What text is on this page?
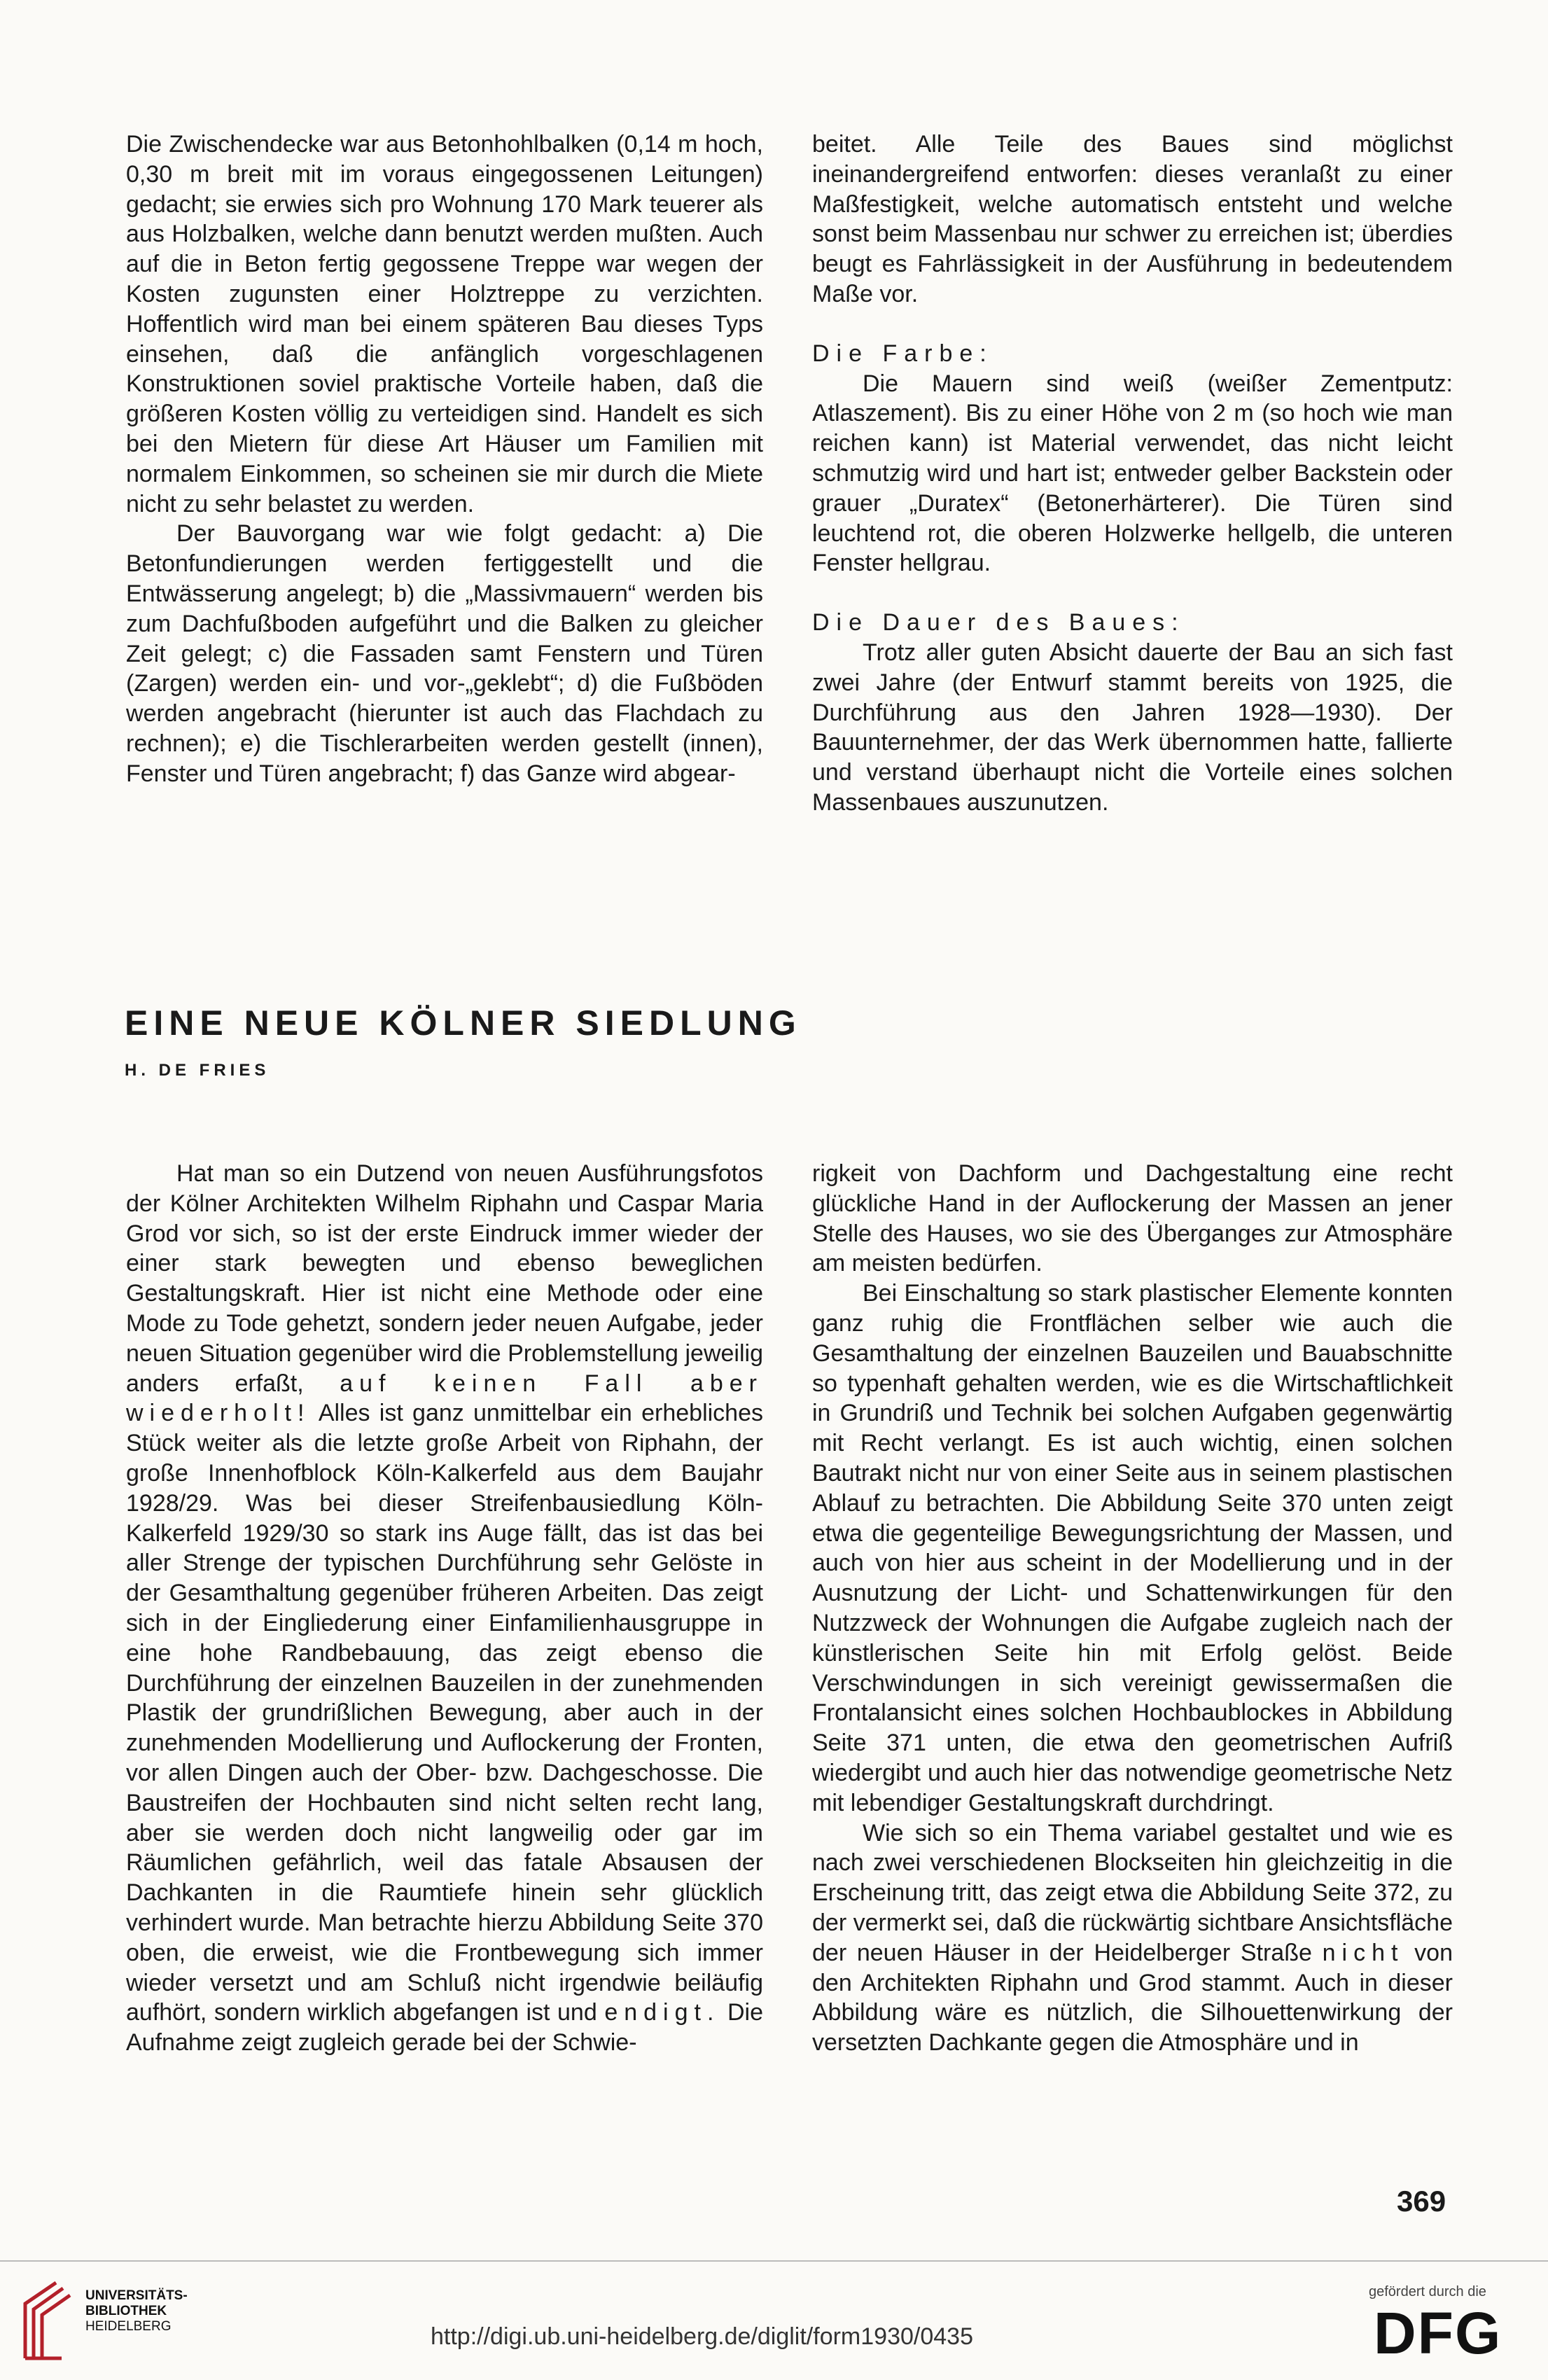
Die Zwischendecke war aus Betonhohlbalken (0,14 m hoch, 0,30 m breit mit im voraus eingegossenen Leitungen) gedacht; sie erwies sich pro Wohnung 170 Mark teuerer als aus Holzbalken, welche dann benutzt werden mußten. Auch auf die in Beton fertig gegossene Treppe war wegen der Kosten zugunsten einer Holztreppe zu verzichten. Hoffentlich wird man bei einem späteren Bau dieses Typs einsehen, daß die anfänglich vorgeschlagenen Konstruktionen soviel praktische Vorteile haben, daß die größeren Kosten völlig zu verteidigen sind. Handelt es sich bei den Mietern für diese Art Häuser um Familien mit normalem Einkommen, so scheinen sie mir durch die Miete nicht zu sehr belastet zu werden.

Der Bauvorgang war wie folgt gedacht: a) Die Betonfundierungen werden fertiggestellt und die Entwässerung angelegt; b) die „Massivmauern“ werden bis zum Dachfußboden aufgeführt und die Balken zu gleicher Zeit gelegt; c) die Fassaden samt Fenstern und Türen (Zargen) werden ein- und vor-„geklebt“; d) die Fußböden werden angebracht (hierunter ist auch das Flachdach zu rechnen); e) die Tischlerarbeiten werden gestellt (innen), Fenster und Türen angebracht; f) das Ganze wird abgear-

beitet. Alle Teile des Baues sind möglichst ineinandergreifend entworfen: dieses veranlaßt zu einer Maßfestigkeit, welche automatisch entsteht und welche sonst beim Massenbau nur schwer zu erreichen ist; überdies beugt es Fahrlässigkeit in der Ausführung in bedeutendem Maße vor.

Die Farbe:

Die Mauern sind weiß (weißer Zementputz: Atlaszement). Bis zu einer Höhe von 2 m (so hoch wie man reichen kann) ist Material verwendet, das nicht leicht schmutzig wird und hart ist; entweder gelber Backstein oder grauer „Duratex“ (Betonerhärterer). Die Türen sind leuchtend rot, die oberen Holzwerke hellgelb, die unteren Fenster hellgrau.

Die Dauer des Baues:

Trotz aller guten Absicht dauerte der Bau an sich fast zwei Jahre (der Entwurf stammt bereits von 1925, die Durchführung aus den Jahren 1928—1930). Der Bauunternehmer, der das Werk übernommen hatte, fallierte und verstand überhaupt nicht die Vorteile eines solchen Massenbaues auszunutzen.

EINE NEUE KÖLNER SIEDLUNG
H. DE FRIES

Hat man so ein Dutzend von neuen Ausführungsfotos der Kölner Architekten Wilhelm Riphahn und Caspar Maria Grod vor sich, so ist der erste Eindruck immer wieder der einer stark bewegten und ebenso beweglichen Gestaltungskraft. Hier ist nicht eine Methode oder eine Mode zu Tode gehetzt, sondern jeder neuen Aufgabe, jeder neuen Situation gegenüber wird die Problemstellung jeweilig anders erfaßt, auf keinen Fall aber wiederholt! Alles ist ganz unmittelbar ein erhebliches Stück weiter als die letzte große Arbeit von Riphahn, der große Innenhofblock Köln-Kalkerfeld aus dem Baujahr 1928/29. Was bei dieser Streifenbausiedlung Köln-Kalkerfeld 1929/30 so stark ins Auge fällt, das ist das bei aller Strenge der typischen Durchführung sehr Gelöste in der Gesamthaltung gegenüber früheren Arbeiten. Das zeigt sich in der Eingliederung einer Einfamilienhausgruppe in eine hohe Randbebauung, das zeigt ebenso die Durchführung der einzelnen Bauzeilen in der zunehmenden Plastik der grundrißlichen Bewegung, aber auch in der zunehmenden Modellierung und Auflockerung der Fronten, vor allen Dingen auch der Ober- bzw. Dachgeschosse. Die Baustreifen der Hochbauten sind nicht selten recht lang, aber sie werden doch nicht langweilig oder gar im Räumlichen gefährlich, weil das fatale Absausen der Dachkanten in die Raumtiefe hinein sehr glücklich verhindert wurde. Man betrachte hierzu Abbildung Seite 370 oben, die erweist, wie die Frontbewegung sich immer wieder versetzt und am Schluß nicht irgendwie beiläufig aufhört, sondern wirklich abgefangen ist und endigt. Die Aufnahme zeigt zugleich gerade bei der Schwie-

rigkeit von Dachform und Dachgestaltung eine recht glückliche Hand in der Auflockerung der Massen an jener Stelle des Hauses, wo sie des Überganges zur Atmosphäre am meisten bedürfen.

Bei Einschaltung so stark plastischer Elemente konnten ganz ruhig die Frontflächen selber wie auch die Gesamthaltung der einzelnen Bauzeilen und Bauabschnitte so typenhaft gehalten werden, wie es die Wirtschaftlichkeit in Grundriß und Technik bei solchen Aufgaben gegenwärtig mit Recht verlangt. Es ist auch wichtig, einen solchen Bautrakt nicht nur von einer Seite aus in seinem plastischen Ablauf zu betrachten. Die Abbildung Seite 370 unten zeigt etwa die gegenteilige Bewegungsrichtung der Massen, und auch von hier aus scheint in der Modellierung und in der Ausnutzung der Licht- und Schattenwirkungen für den Nutzzweck der Wohnungen die Aufgabe zugleich nach der künstlerischen Seite hin mit Erfolg gelöst. Beide Verschwindungen in sich vereinigt gewissermaßen die Frontalansicht eines solchen Hochbaublockes in Abbildung Seite 371 unten, die etwa den geometrischen Aufriß wiedergibt und auch hier das notwendige geometrische Netz mit lebendiger Gestaltungskraft durchdringt.

Wie sich so ein Thema variabel gestaltet und wie es nach zwei verschiedenen Blockseiten hin gleichzeitig in die Erscheinung tritt, das zeigt etwa die Abbildung Seite 372, zu der vermerkt sei, daß die rückwärtig sichtbare Ansichtsfläche der neuen Häuser in der Heidelberger Straße nicht von den Architekten Riphahn und Grod stammt. Auch in dieser Abbildung wäre es nützlich, die Silhouettenwirkung der versetzten Dachkante gegen die Atmosphäre und in

369
UNIVERSITÄTS-
BIBLIOTHEK
HEIDELBERG	http://digi.ub.uni-heidelberg.de/diglit/form1930/0435
gefördert durch die
DFG
